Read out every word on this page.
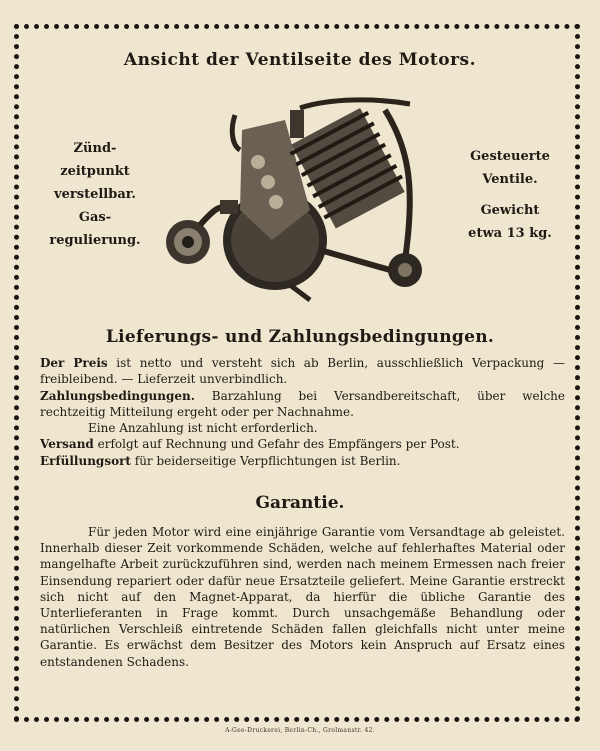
Ansicht der Ventilseite des Motors.
Zünd-
zeitpunkt
verstellbar.
Gas-
regulierung.
Gesteuerte
Ventile.
Gewicht
etwa 13 kg.
Lieferungs- und Zahlungsbedingungen.

Der Preis ist netto und versteht sich ab Berlin, ausschließlich Verpackung — freibleibend. — Lieferzeit unverbindlich.

Zahlungsbedingungen. Barzahlung bei Versandbereitschaft, über welche rechtzeitig Mitteilung ergeht oder per Nachnahme.

Eine Anzahlung ist nicht erforderlich.

Versand erfolgt auf Rechnung und Gefahr des Empfängers per Post.

Erfüllungsort für beiderseitige Verpflichtungen ist Berlin.

Garantie.

Für jeden Motor wird eine einjährige Garantie vom Versandtage ab geleistet. Innerhalb dieser Zeit vorkommende Schäden, welche auf fehlerhaftes Material oder mangelhafte Arbeit zurückzuführen sind, werden nach meinem Ermessen nach freier Einsendung repariert oder dafür neue Ersatzteile geliefert. Meine Garantie erstreckt sich nicht auf den Magnet-Apparat, da hierfür die übliche Garantie des Unterlieferanten in Frage kommt. Durch unsachgemäße Behandlung oder natürlichen Verschleiß eintretende Schäden fallen gleichfalls nicht unter meine Garantie. Es erwächst dem Besitzer des Motors kein Anspruch auf Ersatz eines entstandenen Schadens.

A-Gee-Druckerei, Berlin-Ch., Grolmanstr. 42.
